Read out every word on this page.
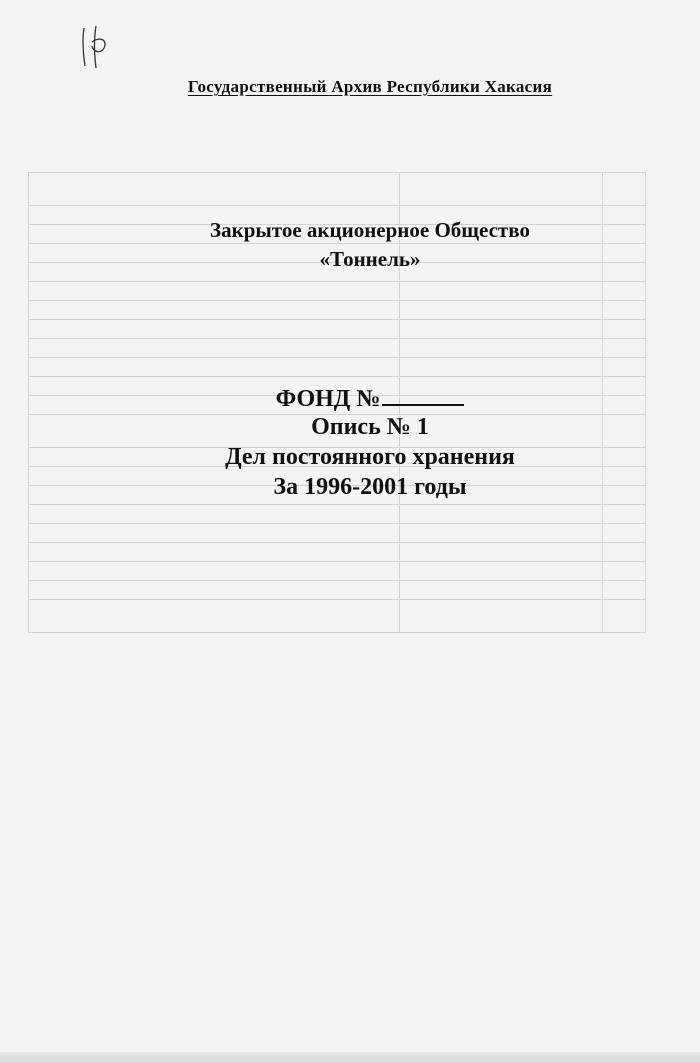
Государственный Архив Республики Хакасия
Закрытое акционерное Общество
«Тоннель»
ФОНД №
Опись № 1
Дел постоянного хранения
За 1996-2001 годы
